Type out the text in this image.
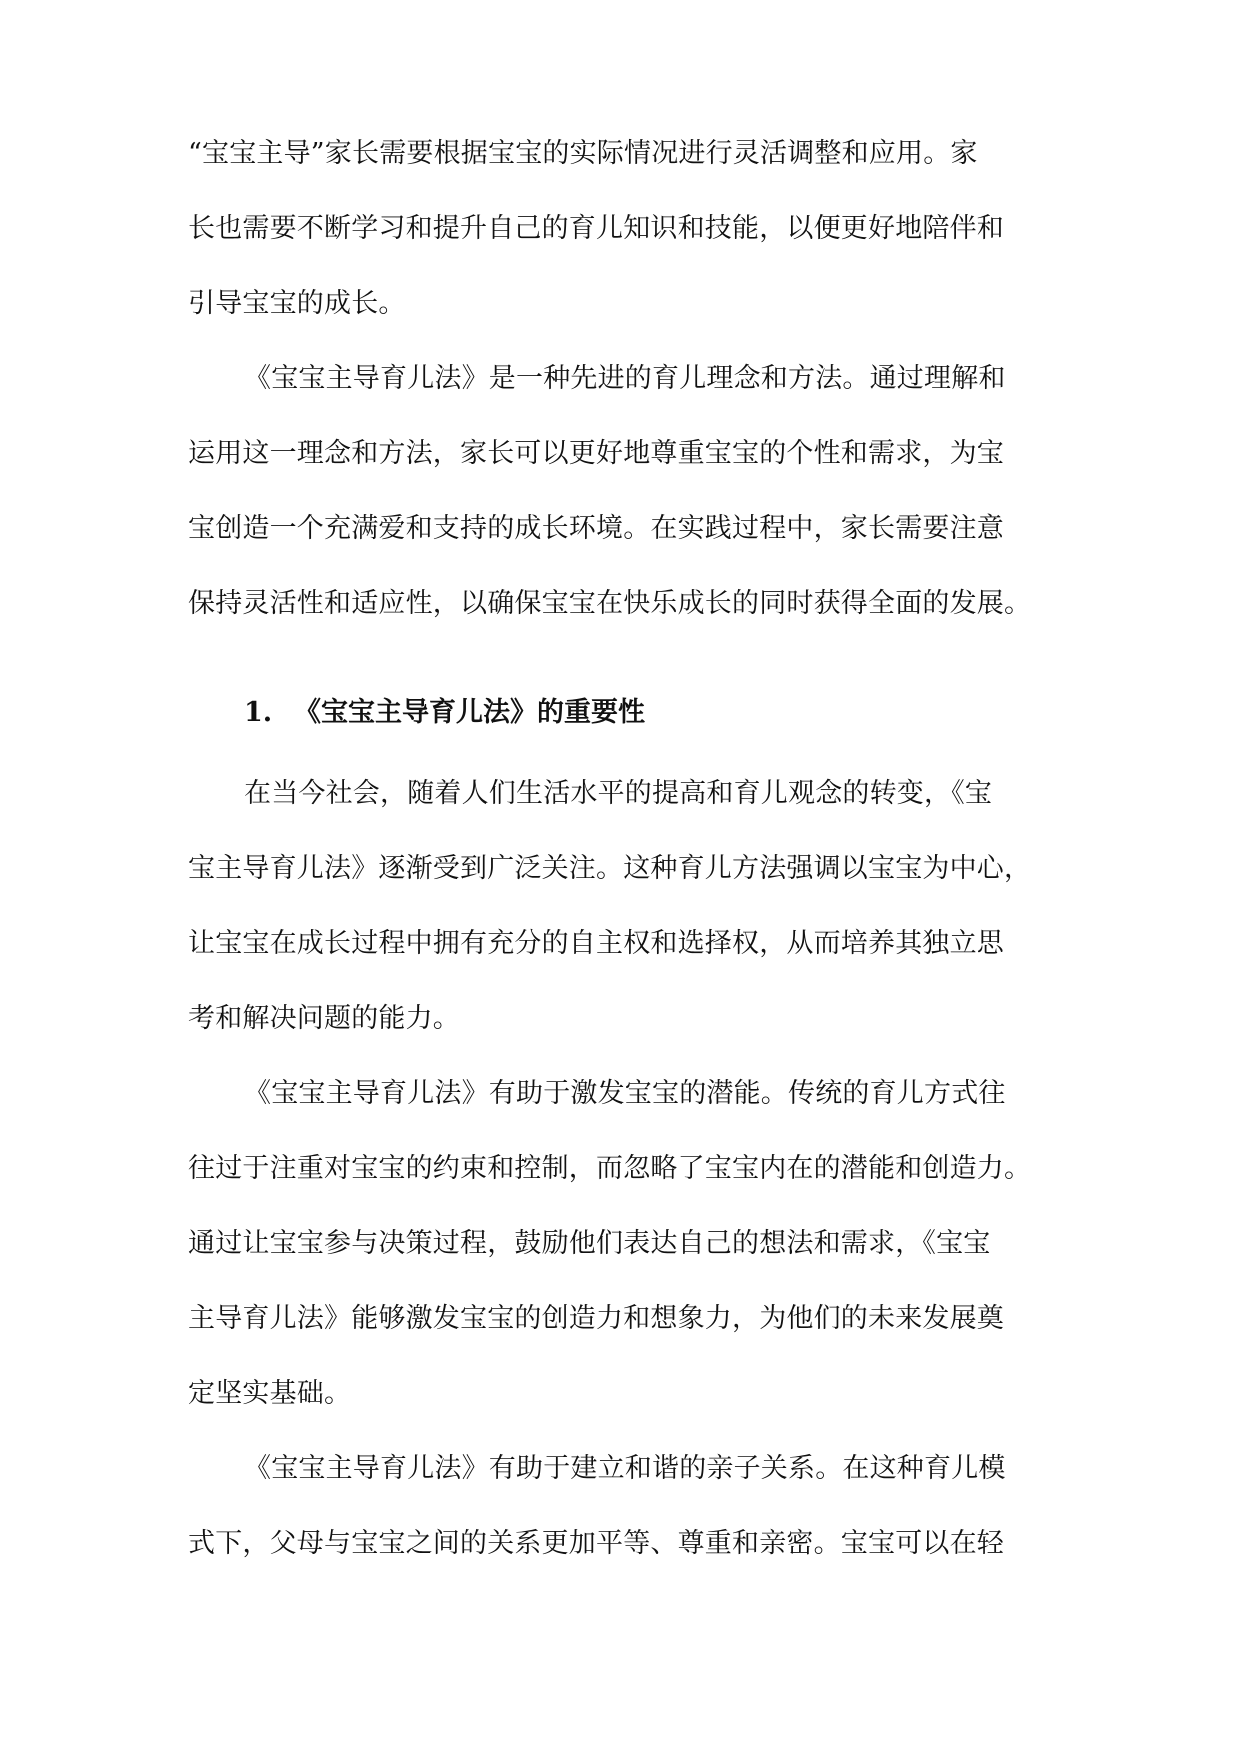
“宝宝主导”家长需要根据宝宝的实际情况进行灵活调整和应用。家
长也需要不断学习和提升自己的育儿知识和技能，以便更好地陪伴和
引导宝宝的成长。
《宝宝主导育儿法》是一种先进的育儿理念和方法。通过理解和
运用这一理念和方法，家长可以更好地尊重宝宝的个性和需求，为宝
宝创造一个充满爱和支持的成长环境。在实践过程中，家长需要注意
保持灵活性和适应性，以确保宝宝在快乐成长的同时获得全面的发展。
1. 《宝宝主导育儿法》的重要性
在当今社会，随着人们生活水平的提高和育儿观念的转变，《宝
宝主导育儿法》逐渐受到广泛关注。这种育儿方法强调以宝宝为中心，
让宝宝在成长过程中拥有充分的自主权和选择权，从而培养其独立思
考和解决问题的能力。
《宝宝主导育儿法》有助于激发宝宝的潜能。传统的育儿方式往
往过于注重对宝宝的约束和控制，而忽略了宝宝内在的潜能和创造力。
通过让宝宝参与决策过程，鼓励他们表达自己的想法和需求，《宝宝
主导育儿法》能够激发宝宝的创造力和想象力，为他们的未来发展奠
定坚实基础。
《宝宝主导育儿法》有助于建立和谐的亲子关系。在这种育儿模
式下，父母与宝宝之间的关系更加平等、尊重和亲密。宝宝可以在轻
